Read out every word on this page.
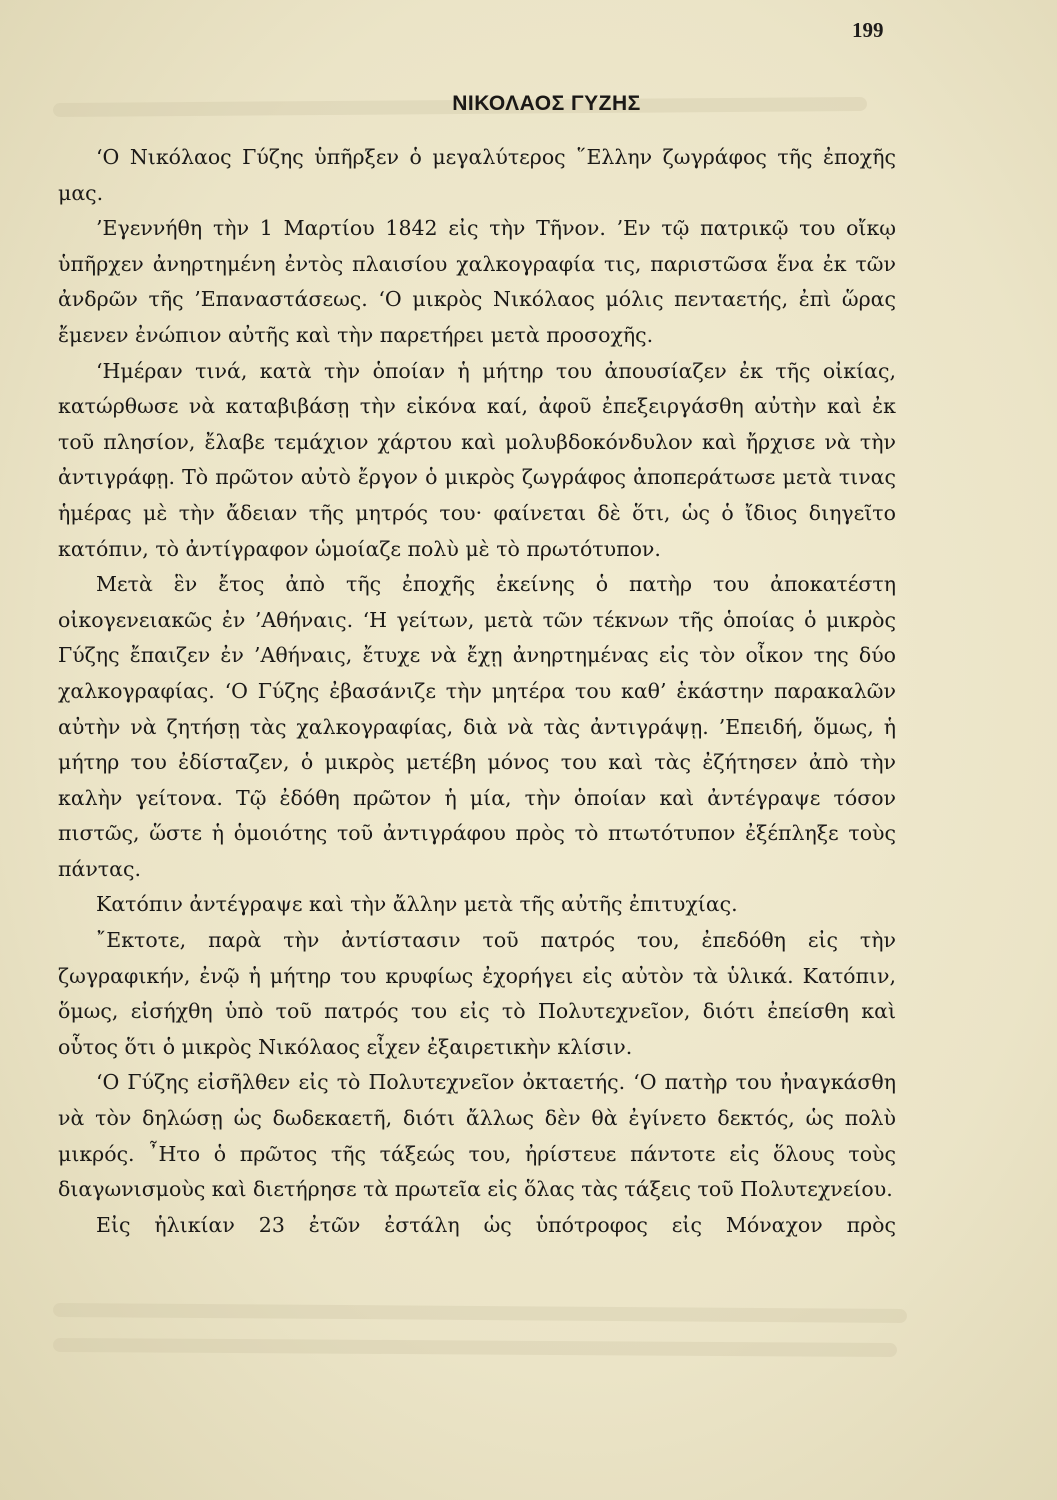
199
ΝΙΚΟΛΑΟΣ ΓΥΖΗΣ

‘Ο Νικόλαος Γύζης ὑπῆρξεν ὁ μεγαλύτερος ῞Ελλην ζωγράφος τῆς ἐποχῆς μας.

’Εγεννήθη τὴν 1 Μαρτίου 1842 εἰς τὴν Τῆνον. ’Εν τῷ πατρικῷ του οἴκῳ ὑπῆρχεν ἀνηρτημένη ἐντὸς πλαισίου χαλκογραφία τις, παριστῶσα ἕνα ἐκ τῶν ἀνδρῶν τῆς ’Επαναστάσεως. ‘Ο μικρὸς Νικόλαος μόλις πενταετής, ἐπὶ ὥρας ἔμενεν ἐνώπιον αὐτῆς καὶ τὴν παρετήρει μετὰ προσοχῆς.

‘Ημέραν τινά, κατὰ τὴν ὁποίαν ἡ μήτηρ του ἀπουσίαζεν ἐκ τῆς οἰκίας, κατώρθωσε νὰ καταβιβάσῃ τὴν εἰκόνα καί, ἀφοῦ ἐπεξειργάσθη αὐτὴν καὶ ἐκ τοῦ πλησίον, ἔλαβε τεμάχιον χάρτου καὶ μολυβδοκόνδυλον καὶ ἤρχισε νὰ τὴν ἀντιγράφῃ. Τὸ πρῶτον αὐτὸ ἔργον ὁ μικρὸς ζωγράφος ἀποπεράτωσε μετὰ τινας ἡμέρας μὲ τὴν ἄδειαν τῆς μητρός του· φαίνεται δὲ ὅτι, ὡς ὁ ἴδιος διηγεῖτο κατόπιν, τὸ ἀντίγραφον ὡμοίαζε πολὺ μὲ τὸ πρωτότυπον.

Μετὰ ἓν ἔτος ἀπὸ τῆς ἐποχῆς ἐκείνης ὁ πατὴρ του ἀποκατέστη οἰκογενειακῶς ἐν ’Αθήναις. ‘Η γείτων, μετὰ τῶν τέκνων τῆς ὁποίας ὁ μικρὸς Γύζης ἔπαιζεν ἐν ’Αθήναις, ἔτυχε νὰ ἔχῃ ἀνηρτημένας εἰς τὸν οἶκον της δύο χαλκογραφίας. ‘Ο Γύζης ἐβασάνιζε τὴν μητέρα του καθ’ ἑκάστην παρακαλῶν αὐτὴν νὰ ζητήσῃ τὰς χαλκογραφίας, διὰ νὰ τὰς ἀντιγράψῃ. ’Επειδή, ὅμως, ἡ μήτηρ του ἐδίσταζεν, ὁ μικρὸς μετέβη μόνος του καὶ τὰς ἐζήτησεν ἀπὸ τὴν καλὴν γείτονα. Τῷ ἐδόθη πρῶτον ἡ μία, τὴν ὁποίαν καὶ ἀντέγραψε τόσον πιστῶς, ὥστε ἡ ὁμοιότης τοῦ ἀντιγράφου πρὸς τὸ πτωτότυπον ἐξέπληξε τοὺς πάντας.

Κατόπιν ἀντέγραψε καὶ τὴν ἄλλην μετὰ τῆς αὐτῆς ἐπιτυχίας.

῎Εκτοτε, παρὰ τὴν ἀντίστασιν τοῦ πατρός του, ἐπεδόθη εἰς τὴν ζωγραφικήν, ἐνῷ ἡ μήτηρ του κρυφίως ἐχορήγει εἰς αὐτὸν τὰ ὑλικά. Κατόπιν, ὅμως, εἰσήχθη ὑπὸ τοῦ πατρός του εἰς τὸ Πολυτεχνεῖον, διότι ἐπείσθη καὶ οὗτος ὅτι ὁ μικρὸς Νικόλαος εἶχεν ἐξαιρετικὴν κλίσιν.

‘Ο Γύζης εἰσῆλθεν εἰς τὸ Πολυτεχνεῖον ὀκταετής. ‘Ο πατὴρ του ἠναγκάσθη νὰ τὸν δηλώσῃ ὡς δωδεκαετῆ, διότι ἄλλως δὲν θὰ ἐγίνετο δεκτός, ὡς πολὺ μικρός. ῏Ητο ὁ πρῶτος τῆς τάξεώς του, ἠρίστευε πάντοτε εἰς ὅλους τοὺς διαγωνισμοὺς καὶ διετήρησε τὰ πρωτεῖα εἰς ὅλας τὰς τάξεις τοῦ Πολυτεχνείου.

Εἰς ἡλικίαν 23 ἐτῶν ἐστάλη ὡς ὑπότροφος εἰς Μόναχον πρὸς
